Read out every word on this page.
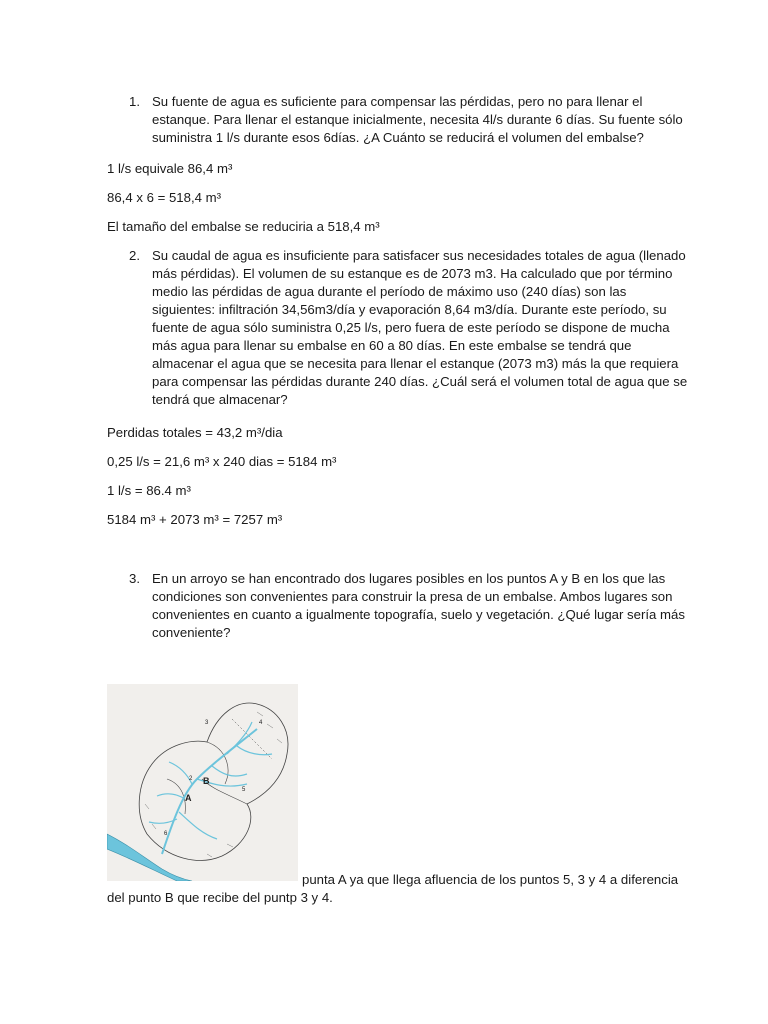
1. Su fuente de agua es suficiente para compensar las pérdidas, pero no para llenar el
estanque. Para llenar el estanque inicialmente, necesita 4l/s durante 6 días. Su fuente sólo
suministra 1 l/s durante esos 6días. ¿A Cuánto se reducirá el volumen del embalse?
1 l/s equivale 86,4 m³
86,4 x 6 = 518,4 m³
El tamaño del embalse se reduciria a 518,4 m³
2. Su caudal de agua es insuficiente para satisfacer sus necesidades totales de agua (llenado
más pérdidas). El volumen de su estanque es de 2073 m3. Ha calculado que por término
medio las pérdidas de agua durante el período de máximo uso (240 días) son las
siguientes: infiltración 34,56m3/día y evaporación 8,64 m3/día. Durante este período, su
fuente de agua sólo suministra 0,25 l/s, pero fuera de este período se dispone de mucha
más agua para llenar su embalse en 60 a 80 días. En este embalse se tendrá que
almacenar el agua que se necesita para llenar el estanque (2073 m3) más la que requiera
para compensar las pérdidas durante 240 días. ¿Cuál será el volumen total de agua que se
tendrá que almacenar?
Perdidas totales = 43,2 m³/dia
0,25 l/s = 21,6 m³ x 240 dias = 5184 m³
1 l/s = 86.4 m³
5184 m³ + 2073 m³ = 7257 m³
3. En un arroyo se han encontrado dos lugares posibles en los puntos A y B en los que las
condiciones son convenientes para construir la presa de un embalse. Ambos lugares son
convenientes en cuanto a igualmente topografía, suelo y vegetación. ¿Qué lugar sería más
conveniente?
A
B
2
3	4
5
6
punta A ya que llega afluencia de los puntos 5, 3 y 4 a diferencia
del punto B que recibe del puntp 3 y 4.
